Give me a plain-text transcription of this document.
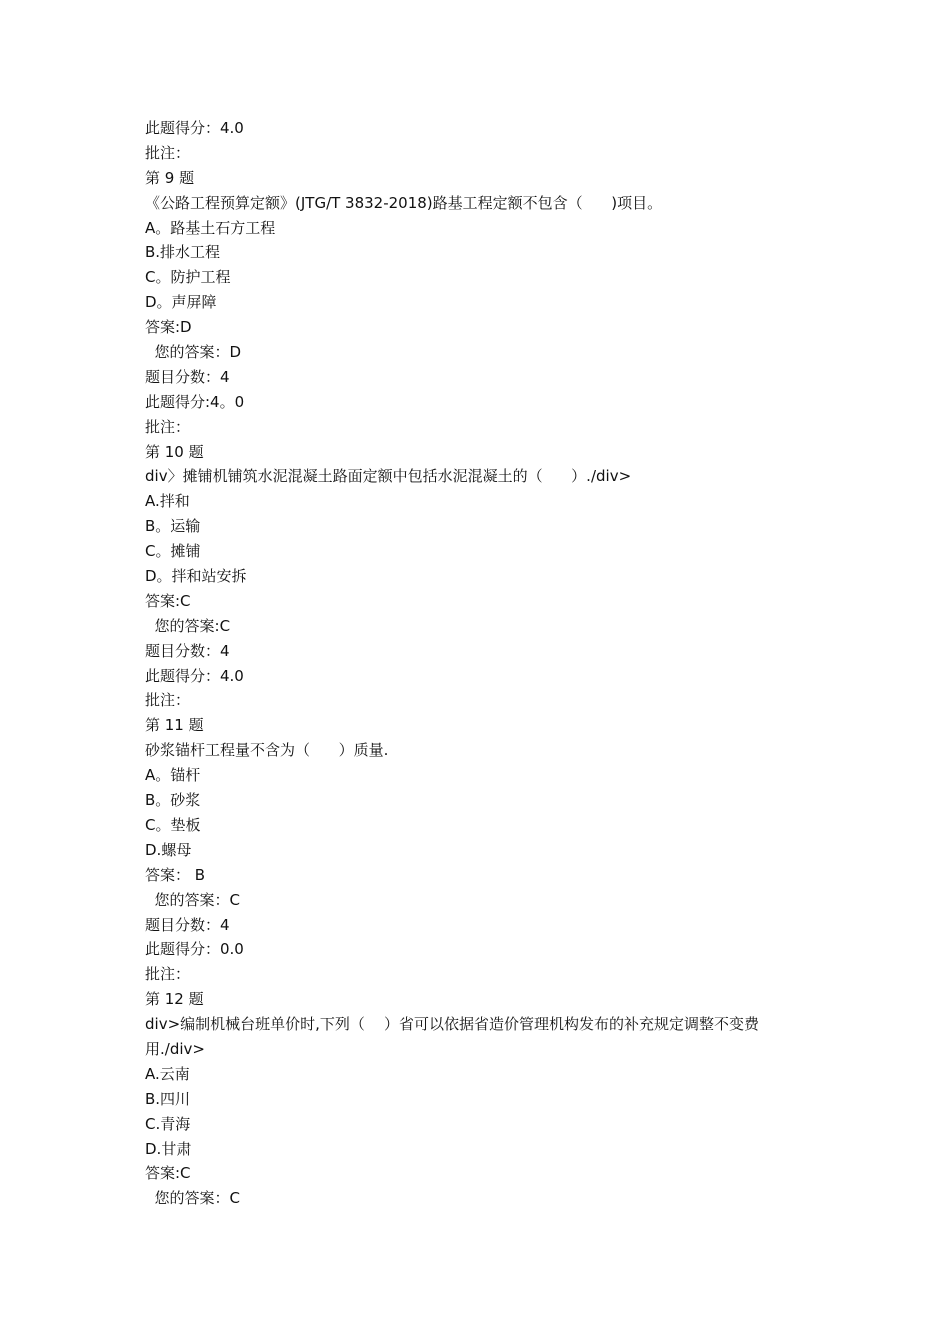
此题得分：4.0
批注：
第 9 题
《公路工程预算定额》(JTG/T 3832-2018)路基工程定额不包含（      )项目。
A。路基土石方工程
B.排水工程
C。防护工程
D。声屏障
答案:D
您的答案：D
题目分数：4
此题得分:4。0
批注：
第 10 题
div〉摊铺机铺筑水泥混凝土路面定额中包括水泥混凝土的（      ）./div>
A.拌和
B。运输
C。摊铺
D。拌和站安拆
答案:C
您的答案:C
题目分数：4
此题得分：4.0
批注：
第 11 题
砂浆锚杆工程量不含为（      ）质量.
A。锚杆
B。砂浆
C。垫板
D.螺母
答案： B
您的答案：C
题目分数：4
此题得分：0.0
批注：
第 12 题
div>编制机械台班单价时,下列（    ）省可以依据省造价管理机构发布的补充规定调整不变费
用./div>
A.云南
B.四川
C.青海
D.甘肃
答案:C
您的答案：C
